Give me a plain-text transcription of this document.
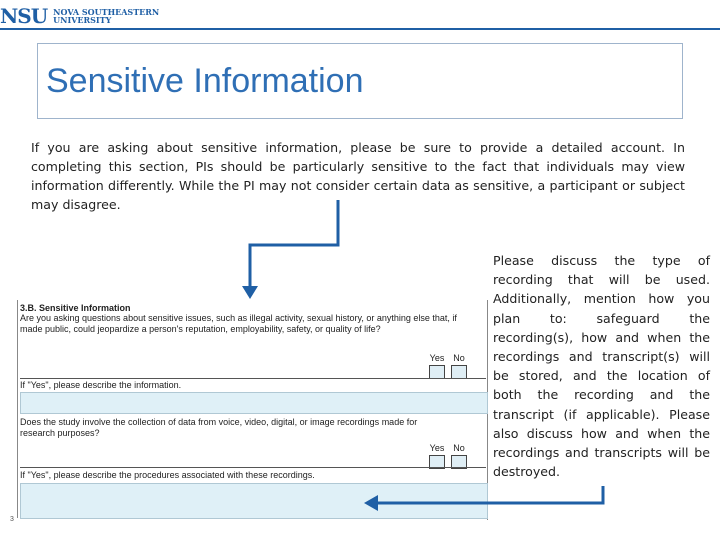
NSU NOVA SOUTHEASTERN
UNIVERSITY
Sensitive Information
If you are asking about sensitive information, please be sure to provide a detailed account. In completing this section, PIs should be particularly sensitive to the fact that individuals may view information differently. While the PI may not consider certain data as sensitive, a participant or subject may disagree.
3.B. Sensitive Information
Are you asking questions about sensitive issues, such as illegal activity, sexual history, or anything else that, if made public, could jeopardize a person's reputation, employability, safety, or quality of life?
Yes No
If "Yes", please describe the information.
Does the study involve the collection of data from voice, video, digital, or image recordings made for research purposes?
Yes No
If "Yes", please describe the procedures associated with these recordings.
3
Please discuss the type of recording that will be used. Additionally, mention how you plan to: safeguard the recording(s), how and when the recordings and transcript(s) will be stored, and the location of both the recording and the transcript (if applicable). Please also discuss how and when the recordings and transcripts will be destroyed.
